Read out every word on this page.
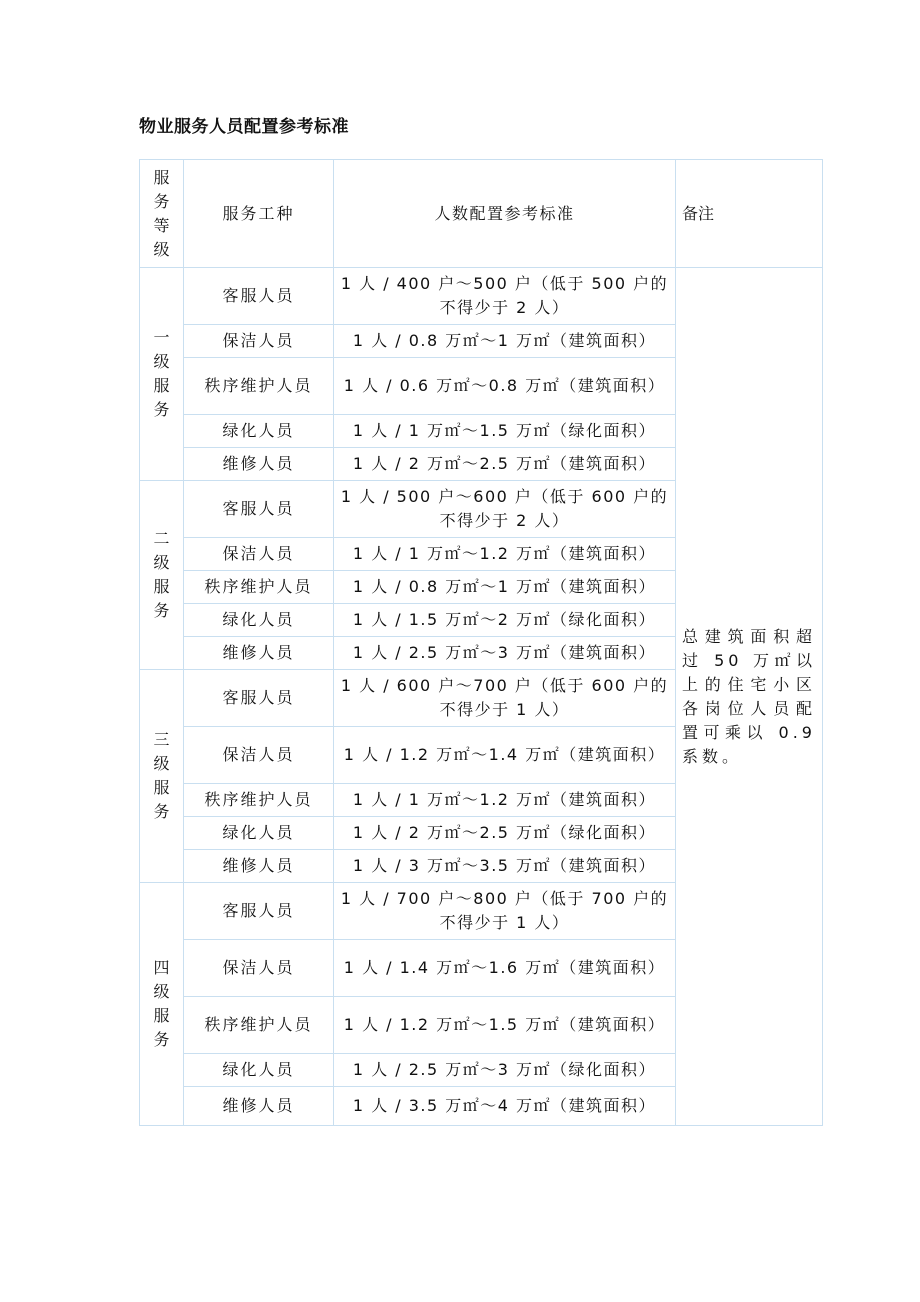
物业服务人员配置参考标准
服务等级	服务工种	人数配置参考标准	备注

一级服务	客服人员	1 人 / 400 户～500 户（低于 500 户的不得少于 2 人）	总建筑面积超过 50 万㎡以上的住宅小区各岗位人员配置可乘以 0.9 系数。

	保洁人员	1 人 / 0.8 万㎡～1 万㎡（建筑面积）	
	秩序维护人员	1 人 / 0.6 万㎡～0.8 万㎡（建筑面积）	
	绿化人员	1 人 / 1 万㎡～1.5 万㎡（绿化面积）	
	维修人员	1 人 / 2 万㎡～2.5 万㎡（建筑面积）	

二级服务	客服人员	1 人 / 500 户～600 户（低于 600 户的不得少于 2 人）	
	保洁人员	1 人 / 1 万㎡～1.2 万㎡（建筑面积）	
	秩序维护人员	1 人 / 0.8 万㎡～1 万㎡（建筑面积）	
	绿化人员	1 人 / 1.5 万㎡～2 万㎡（绿化面积）	
	维修人员	1 人 / 2.5 万㎡～3 万㎡（建筑面积）	

三级服务	客服人员	1 人 / 600 户～700 户（低于 600 户的不得少于 1 人）	
	保洁人员	1 人 / 1.2 万㎡～1.4 万㎡（建筑面积）	
	秩序维护人员	1 人 / 1 万㎡～1.2 万㎡（建筑面积）	
	绿化人员	1 人 / 2 万㎡～2.5 万㎡（绿化面积）	
	维修人员	1 人 / 3 万㎡～3.5 万㎡（建筑面积）	

四级服务	客服人员	1 人 / 700 户～800 户（低于 700 户的不得少于 1 人）	
	保洁人员	1 人 / 1.4 万㎡～1.6 万㎡（建筑面积）	
	秩序维护人员	1 人 / 1.2 万㎡～1.5 万㎡（建筑面积）	
	绿化人员	1 人 / 2.5 万㎡～3 万㎡（绿化面积）	
	维修人员	1 人 / 3.5 万㎡～4 万㎡（建筑面积）	
